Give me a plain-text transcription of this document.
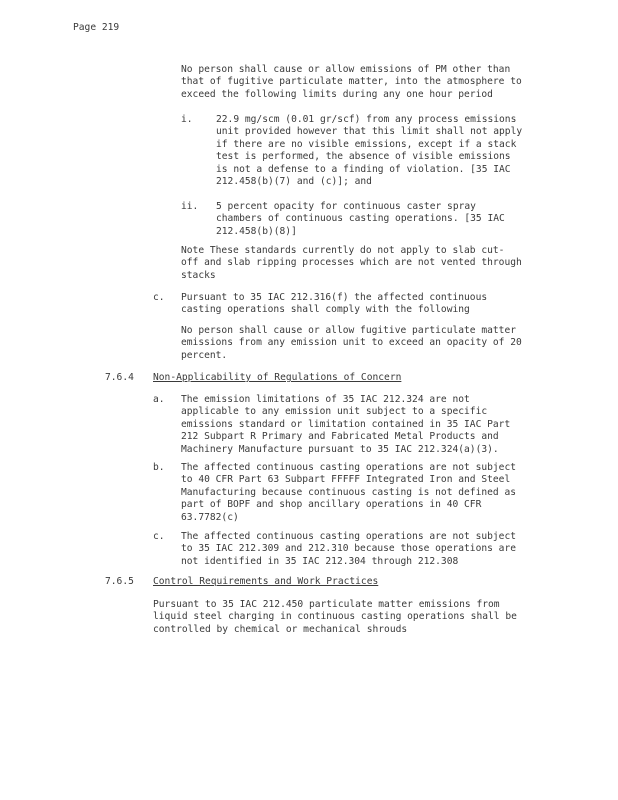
Page 219
No person shall cause or allow emissions of PM other than
that of fugitive particulate matter, into the atmosphere to
exceed the following limits during any one hour period
i. 22.9 mg/scm (0.01 gr/scf) from any process emissions
unit provided however that this limit shall not apply
if there are no visible emissions, except if a stack
test is performed, the absence of visible emissions
is not a defense to a finding of violation. [35 IAC
212.458(b)(7) and (c)]; and
ii. 5 percent opacity for continuous caster spray
chambers of continuous casting operations. [35 IAC
212.458(b)(8)]
Note These standards currently do not apply to slab cut-
off and slab ripping processes which are not vented through
stacks
c. Pursuant to 35 IAC 212.316(f) the affected continuous
casting operations shall comply with the following
No person shall cause or allow fugitive particulate matter
emissions from any emission unit to exceed an opacity of 20
percent.
7.6.4 Non-Applicability of Regulations of Concern
a. The emission limitations of 35 IAC 212.324 are not
applicable to any emission unit subject to a specific
emissions standard or limitation contained in 35 IAC Part
212 Subpart R Primary and Fabricated Metal Products and
Machinery Manufacture pursuant to 35 IAC 212.324(a)(3).
b. The affected continuous casting operations are not subject
to 40 CFR Part 63 Subpart FFFFF Integrated Iron and Steel
Manufacturing because continuous casting is not defined as
part of BOPF and shop ancillary operations in 40 CFR
63.7782(c)
c. The affected continuous casting operations are not subject
to 35 IAC 212.309 and 212.310 because those operations are
not identified in 35 IAC 212.304 through 212.308
7.6.5 Control Requirements and Work Practices
Pursuant to 35 IAC 212.450 particulate matter emissions from
liquid steel charging in continuous casting operations shall be
controlled by chemical or mechanical shrouds
